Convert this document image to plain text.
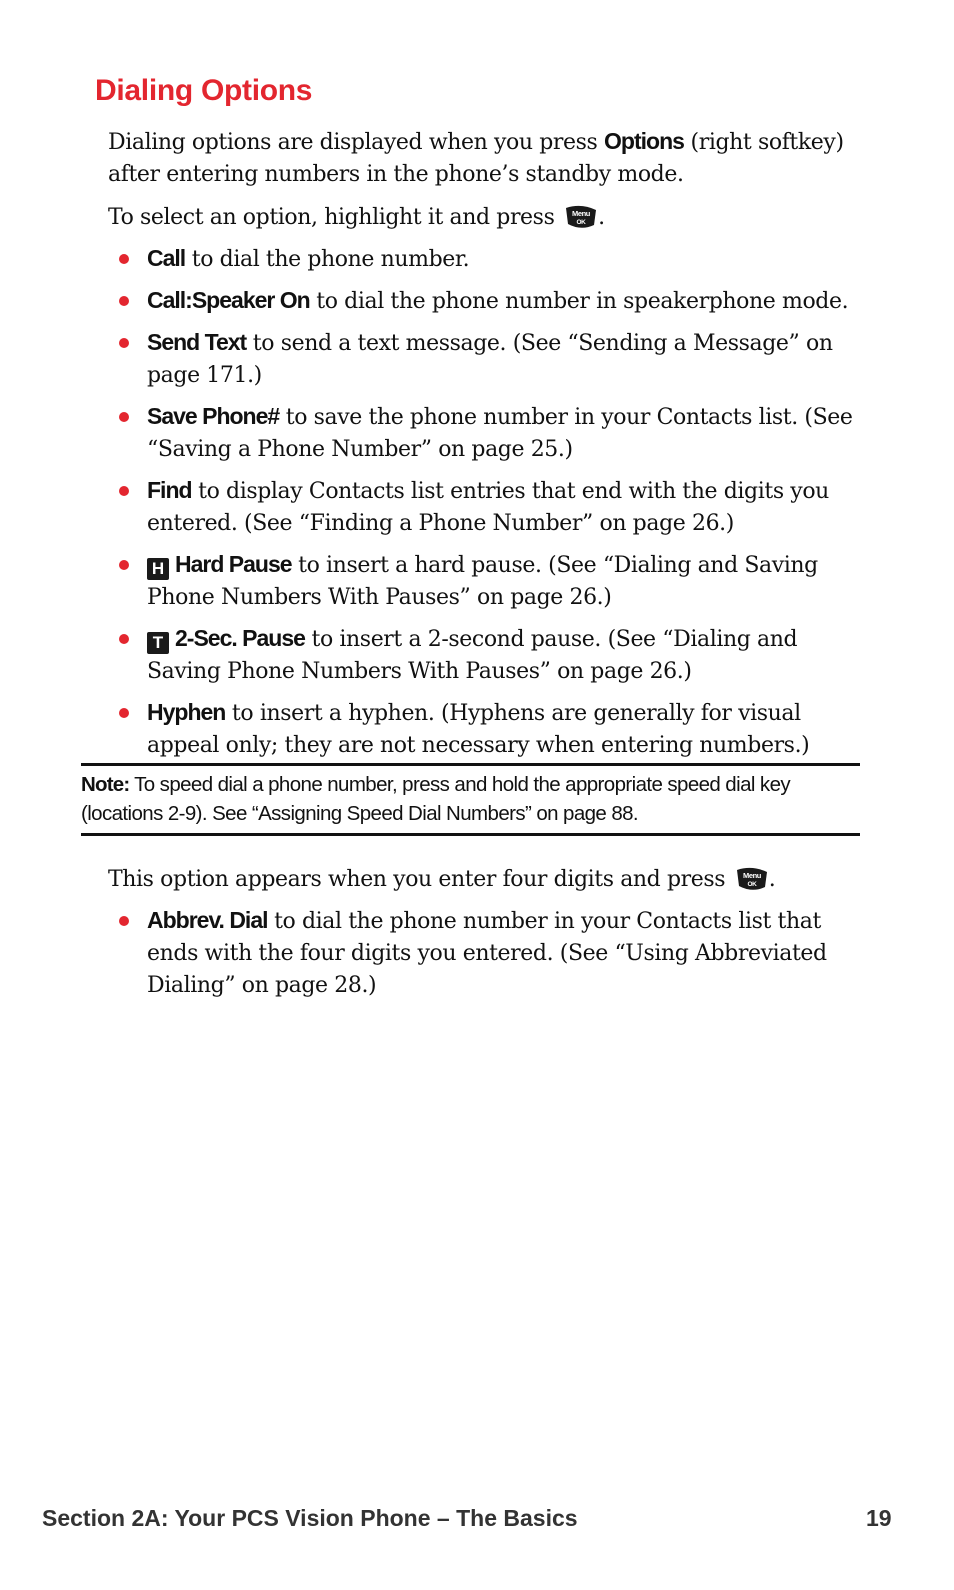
Dialing Options

Dialing options are displayed when you press Options (right softkey) after entering numbers in the phone’s standby mode.

To select an option, highlight it and press Menu
OK .

Call to dial the phone number.
Call:Speaker On to dial the phone number in speakerphone mode.
Send Text to send a text message. (See “Sending a Message” on page 171.)
Save Phone# to save the phone number in your Contacts list. (See “Saving a Phone Number” on page 25.)
Find to display Contacts list entries that end with the digits you entered. (See “Finding a Phone Number” on page 26.)
H Hard Pause to insert a hard pause. (See “Dialing and Saving Phone Numbers With Pauses” on page 26.)
T 2-Sec. Pause to insert a 2-second pause. (See “Dialing and Saving Phone Numbers With Pauses” on page 26.)
Hyphen to insert a hyphen. (Hyphens are generally for visual appeal only; they are not necessary when entering numbers.)

Note: To speed dial a phone number, press and hold the appropriate speed dial key (locations 2-9). See “Assigning Speed Dial Numbers” on page 88.

This option appears when you enter four digits and press Menu
OK .

Abbrev. Dial to dial the phone number in your Contacts list that ends with the four digits you entered. (See “Using Abbreviated Dialing” on page 28.)
Section 2A: Your PCS Vision Phone – The Basics	19
